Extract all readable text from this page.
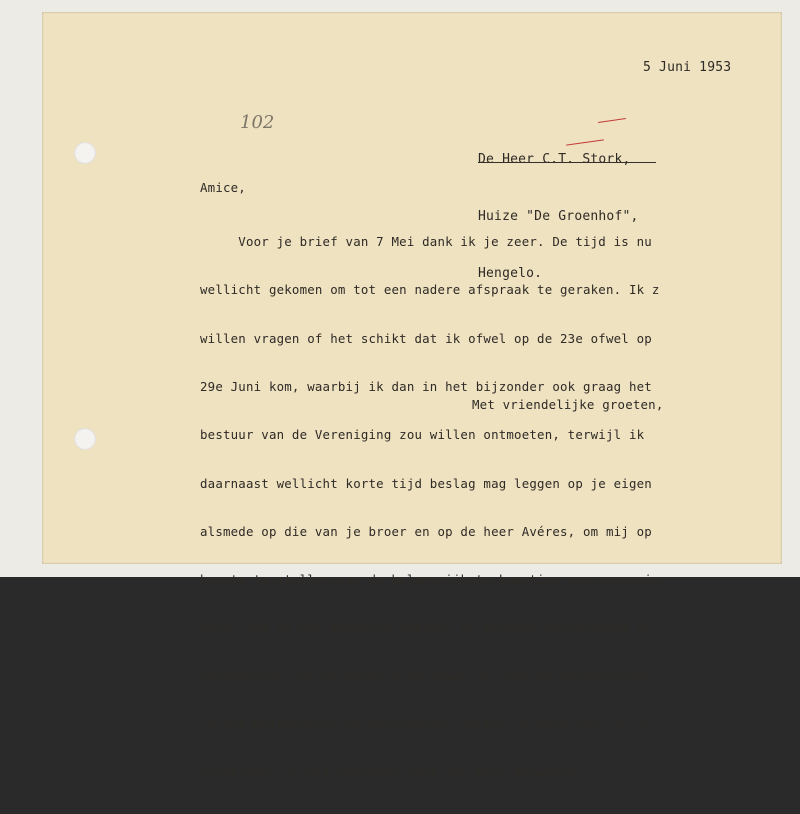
102
5 Juni 1953

De Heer C.T. Stork,

Huize "De Groenhof",

Hengelo.

Amice,

Voor je brief van 7 Mei dank ik je zeer. De tijd is nu

wellicht gekomen om tot een nadere afspraak te geraken. Ik z

willen vragen of het schikt dat ik ofwel op de 23e ofwel op

29e Juni kom, waarbij ik dan in het bijzonder ook graag het

bestuur van de Vereniging zou willen ontmoeten, terwijl ik

daarnaast wellicht korte tijd beslag mag leggen op je eigen

alsmede op die van je broer en op de heer Avéres, om mij op

hoogte te stellen van de belangrijkste kwesties van economis

aard, die op het ogenblik spelen. De stukken betreffende de

vergadering van de Vereniging zowel als van de Nennootschap

ik met belangstelling bestudeerd. Hartelijk dank voor je in-

lichtingen en bij voorbaat voor een kort antwoord.

Met vriendelijke groeten,
